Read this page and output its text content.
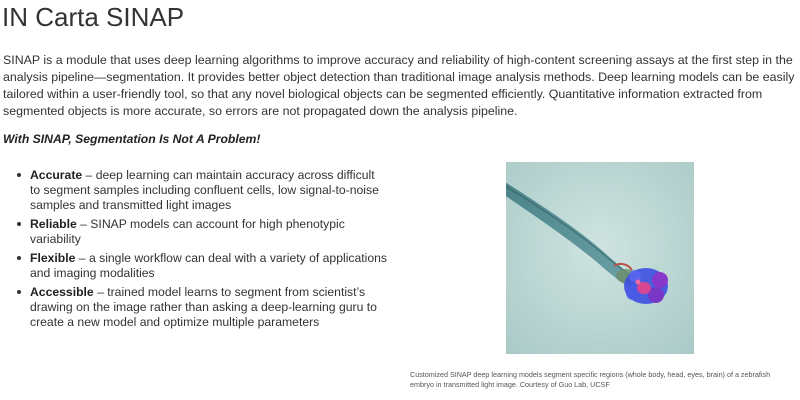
IN Carta SINAP

SINAP is a module that uses deep learning algorithms to improve accuracy and reliability of high-content screening assays at the first step in the analysis pipeline—segmentation. It provides better object detection than traditional image analysis methods. Deep learning models can be easily tailored within a user-friendly tool, so that any novel biological objects can be segmented efficiently. Quantitative information extracted from segmented objects is more accurate, so errors are not propagated down the analysis pipeline.

With SINAP, Segmentation Is Not A Problem!

Accurate – deep learning can maintain accuracy across difficult to segment samples including confluent cells, low signal-to-noise samples and transmitted light images
Reliable – SINAP models can account for high phenotypic variability
Flexible – a single workflow can deal with a variety of applications and imaging modalities
Accessible – trained model learns to segment from scientist’s drawing on the image rather than asking a deep-learning guru to create a new model and optimize multiple parameters

Customized SINAP deep learning models segment specific regions (whole body, head, eyes, brain) of a zebrafish embryo in transmitted light image. Courtesy of Guo Lab, UCSF
